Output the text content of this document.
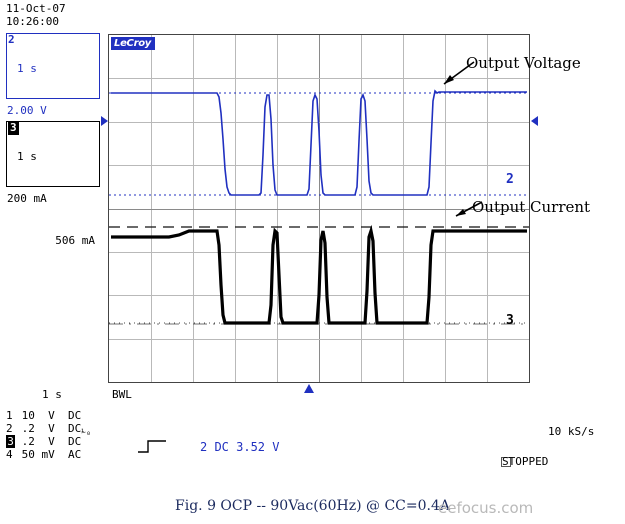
11-Oct-07
10:26:00
2

1 s

2.00 V

3

1 s

200 mA

506 mA

LeCroy
Output Voltage
Output Current
2
3
1 s	BWL
1 10  V DC
2 .2  V $DC_{⅟_0}$
3 .2  V DC
4 50 mV AC
2 DC 3.52 V
10 kS/s
STOPPED
Fig. 9 OCP -- 90Vac(60Hz) @ CC=0.4A
eefocus.com
